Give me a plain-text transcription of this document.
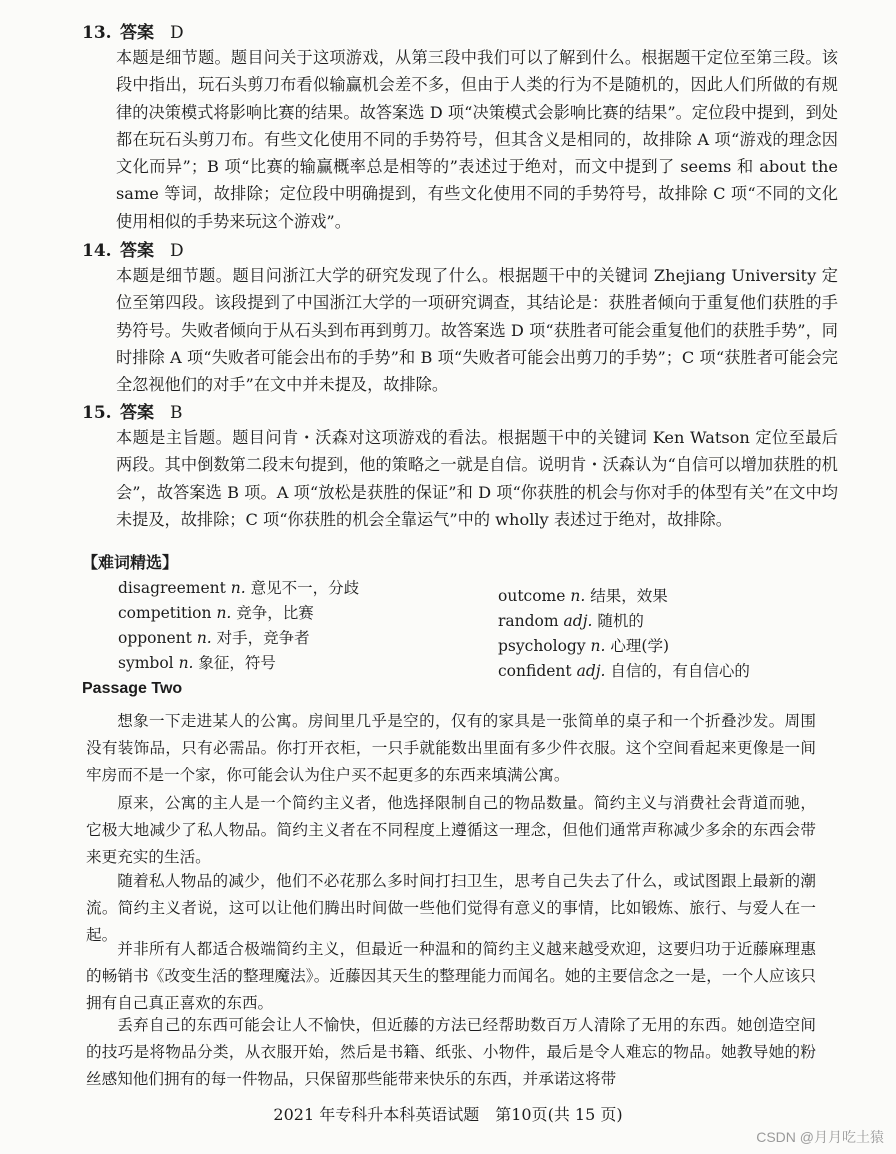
13. 答案 D

本题是细节题。题目问关于这项游戏，从第三段中我们可以了解到什么。根据题干定位至第三段。该段中指出，玩石头剪刀布看似输赢机会差不多，但由于人类的行为不是随机的，因此人们所做的有规律的决策模式将影响比赛的结果。故答案选 D 项“决策模式会影响比赛的结果”。定位段中提到，到处都在玩石头剪刀布。有些文化使用不同的手势符号，但其含义是相同的，故排除 A 项“游戏的理念因文化而异”；B 项“比赛的输赢概率总是相等的”表述过于绝对，而文中提到了 seems 和 about the same 等词，故排除；定位段中明确提到，有些文化使用不同的手势符号，故排除 C 项“不同的文化使用相似的手势来玩这个游戏”。

14. 答案 D

本题是细节题。题目问浙江大学的研究发现了什么。根据题干中的关键词 Zhejiang University 定位至第四段。该段提到了中国浙江大学的一项研究调查，其结论是：获胜者倾向于重复他们获胜的手势符号。失败者倾向于从石头到布再到剪刀。故答案选 D 项“获胜者可能会重复他们的获胜手势”，同时排除 A 项“失败者可能会出布的手势”和 B 项“失败者可能会出剪刀的手势”；C 项“获胜者可能会完全忽视他们的对手”在文中并未提及，故排除。

15. 答案 B

本题是主旨题。题目问肯・沃森对这项游戏的看法。根据题干中的关键词 Ken Watson 定位至最后两段。其中倒数第二段末句提到，他的策略之一就是自信。说明肯・沃森认为“自信可以增加获胜的机会”，故答案选 B 项。A 项“放松是获胜的保证”和 D 项“你获胜的机会与你对手的体型有关”在文中均未提及，故排除；C 项“你获胜的机会全靠运气”中的 wholly 表述过于绝对，故排除。

【难词精选】
disagreement n. 意见不一，分歧
competition n. 竞争，比赛
opponent n. 对手，竞争者
symbol n. 象征，符号
outcome n. 结果，效果
random adj. 随机的
psychology n. 心理(学)
confident adj. 自信的，有自信心的
Passage Two

想象一下走进某人的公寓。房间里几乎是空的，仅有的家具是一张简单的桌子和一个折叠沙发。周围没有装饰品，只有必需品。你打开衣柜，一只手就能数出里面有多少件衣服。这个空间看起来更像是一间牢房而不是一个家，你可能会认为住户买不起更多的东西来填满公寓。

原来，公寓的主人是一个简约主义者，他选择限制自己的物品数量。简约主义与消费社会背道而驰，它极大地减少了私人物品。简约主义者在不同程度上遵循这一理念，但他们通常声称减少多余的东西会带来更充实的生活。

随着私人物品的减少，他们不必花那么多时间打扫卫生，思考自己失去了什么，或试图跟上最新的潮流。简约主义者说，这可以让他们腾出时间做一些他们觉得有意义的事情，比如锻炼、旅行、与爱人在一起。

并非所有人都适合极端简约主义，但最近一种温和的简约主义越来越受欢迎，这要归功于近藤麻理惠的畅销书《改变生活的整理魔法》。近藤因其天生的整理能力而闻名。她的主要信念之一是，一个人应该只拥有自己真正喜欢的东西。

丢弃自己的东西可能会让人不愉快，但近藤的方法已经帮助数百万人清除了无用的东西。她创造空间的技巧是将物品分类，从衣服开始，然后是书籍、纸张、小物件，最后是令人难忘的物品。她教导她的粉丝感知他们拥有的每一件物品，只保留那些能带来快乐的东西，并承诺这将带

2021 年专科升本科英语试题　第10页(共 15 页)
CSDN @月月吃土猿
